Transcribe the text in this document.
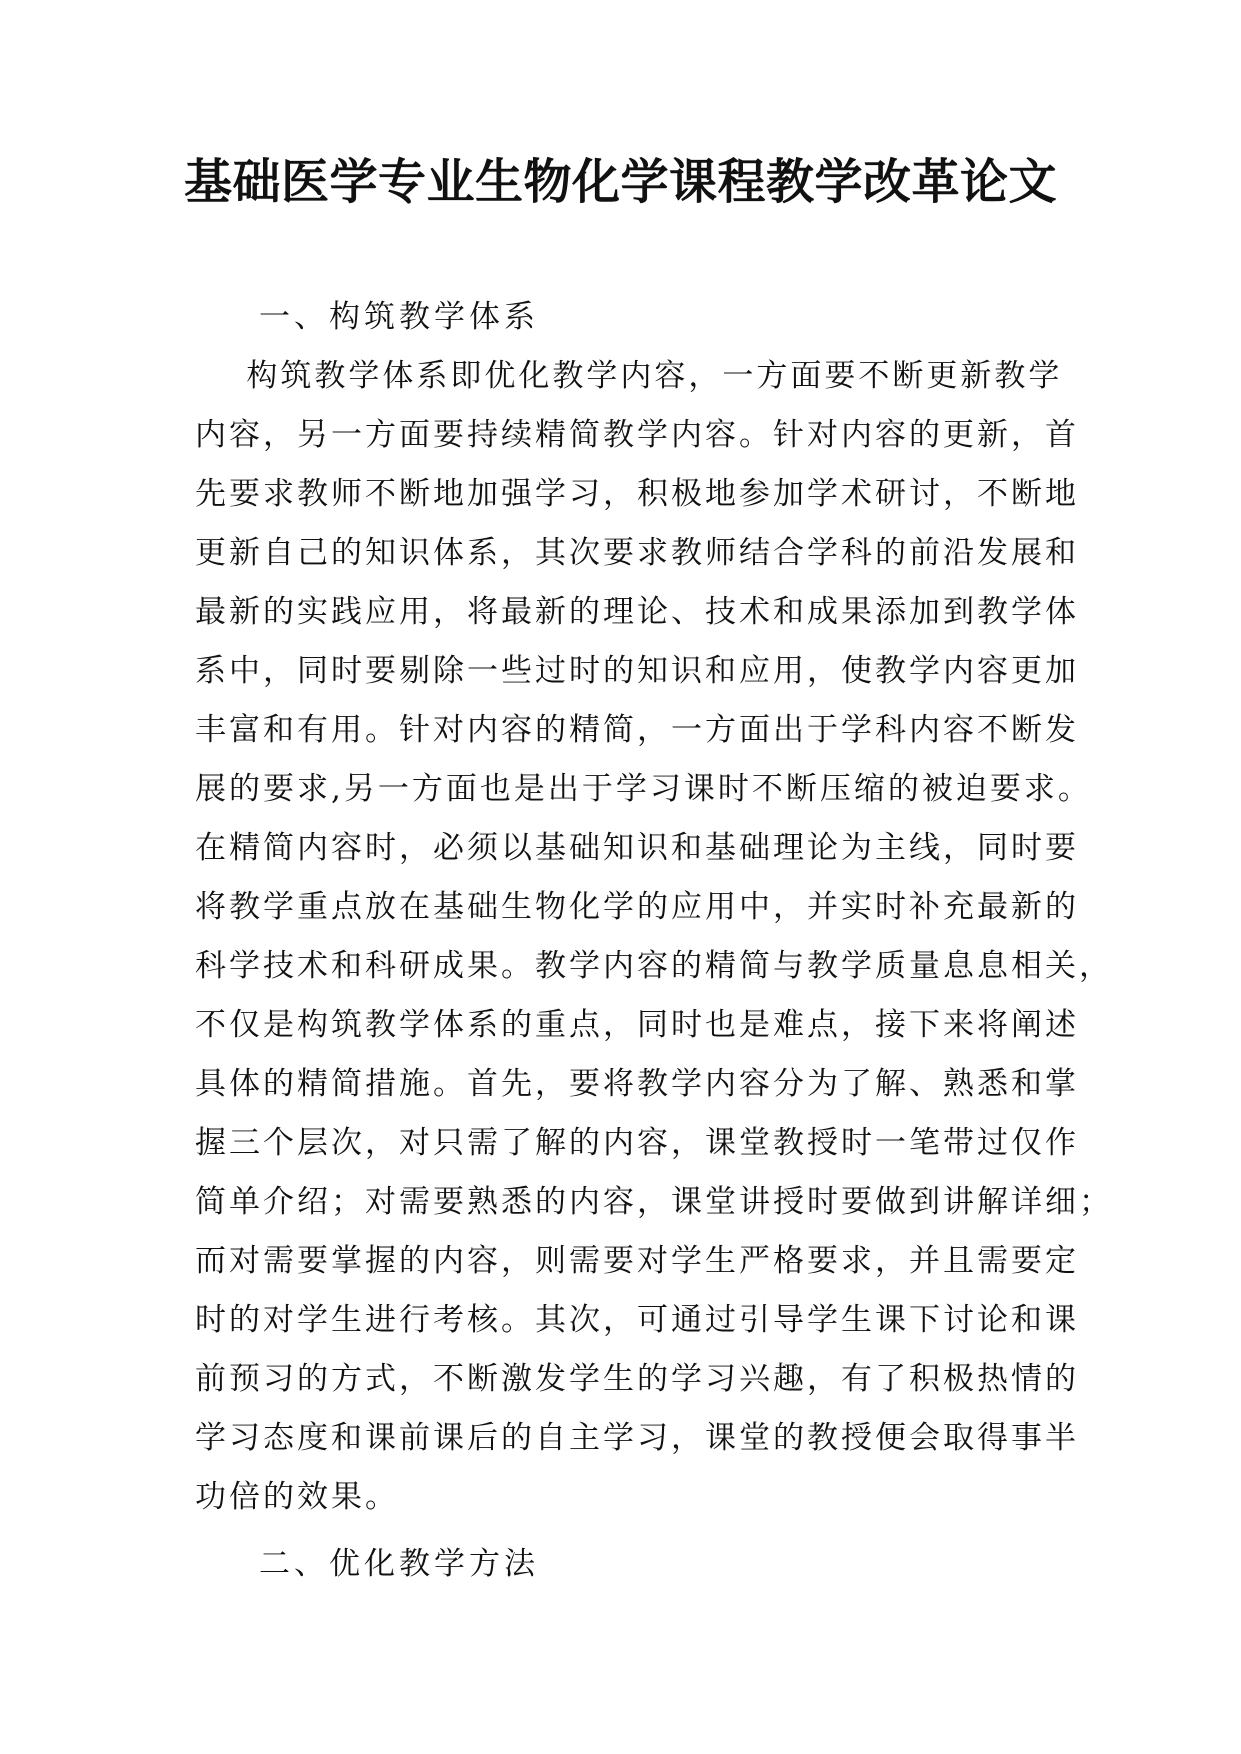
基础医学专业生物化学课程教学改革论文

一、构筑教学体系

构筑教学体系即优化教学内容，一方面要不断更新教学

内容，另一方面要持续精简教学内容。针对内容的更新，首

先要求教师不断地加强学习，积极地参加学术研讨，不断地

更新自己的知识体系，其次要求教师结合学科的前沿发展和

最新的实践应用，将最新的理论、技术和成果添加到教学体

系中，同时要剔除一些过时的知识和应用，使教学内容更加

丰富和有用。针对内容的精简，一方面出于学科内容不断发

展的要求,另一方面也是出于学习课时不断压缩的被迫要求。

在精简内容时，必须以基础知识和基础理论为主线，同时要

将教学重点放在基础生物化学的应用中，并实时补充最新的

科学技术和科研成果。教学内容的精简与教学质量息息相关，

不仅是构筑教学体系的重点，同时也是难点，接下来将阐述

具体的精简措施。首先，要将教学内容分为了解、熟悉和掌

握三个层次，对只需了解的内容，课堂教授时一笔带过仅作

简单介绍；对需要熟悉的内容，课堂讲授时要做到讲解详细；

而对需要掌握的内容，则需要对学生严格要求，并且需要定

时的对学生进行考核。其次，可通过引导学生课下讨论和课

前预习的方式，不断激发学生的学习兴趣，有了积极热情的

学习态度和课前课后的自主学习，课堂的教授便会取得事半

功倍的效果。

二、优化教学方法
